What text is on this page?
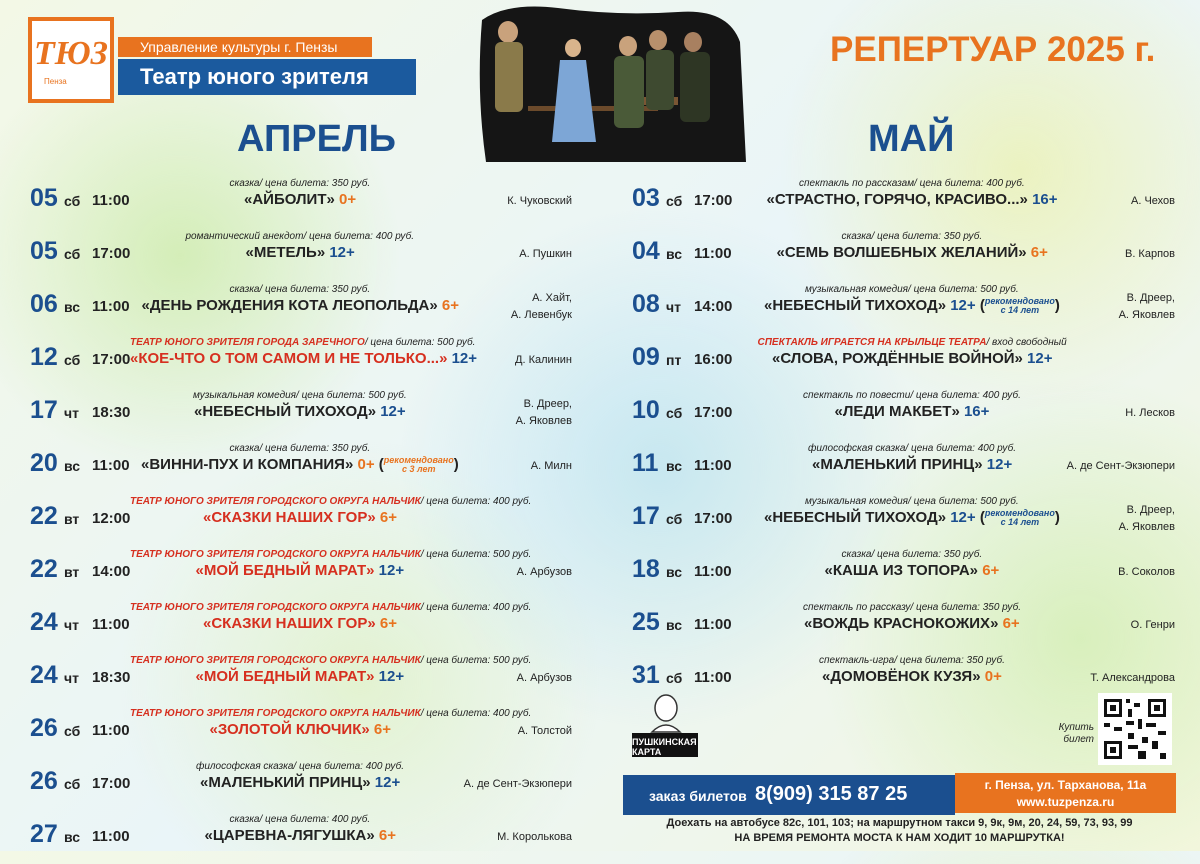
ТЮЗ
Пенза
Управление культуры г. Пензы
Театр юного зрителя
РЕПЕРТУАР 2025 г.
АПРЕЛЬ	МАЙ
05 сб 11:00
сказка/ цена билета: 350 руб.
«АЙБОЛИТ» 0+	К. Чуковский
05 сб 17:00
романтический анекдот/ цена билета: 400 руб.
«МЕТЕЛЬ» 12+	А. Пушкин
06 вс 11:00
сказка/ цена билета: 350 руб.
«ДЕНЬ РОЖДЕНИЯ КОТА ЛЕОПОЛЬДА» 6+	А. Хайт,
А. Левенбук
12 сб 17:00
ТЕАТР ЮНОГО ЗРИТЕЛЯ ГОРОДА ЗАРЕЧНОГО/ цена билета: 500 руб.
«КОЕ-ЧТО О ТОМ САМОМ И НЕ ТОЛЬКО...» 12+	Д. Калинин
17 чт 18:30
музыкальная комедия/ цена билета: 500 руб.
«НЕБЕСНЫЙ ТИХОХОД» 12+	В. Дреер,
А. Яковлев
20 вс 11:00
сказка/ цена билета: 350 руб.
«ВИННИ-ПУХ И КОМПАНИЯ» 0+ (рекомендовано
с 3 лет )	А. Милн
22 вт 12:00
ТЕАТР ЮНОГО ЗРИТЕЛЯ ГОРОДСКОГО ОКРУГА НАЛЬЧИК/ цена билета: 400 руб.
«СКАЗКИ НАШИХ ГОР» 6+
22 вт 14:00
ТЕАТР ЮНОГО ЗРИТЕЛЯ ГОРОДСКОГО ОКРУГА НАЛЬЧИК/ цена билета: 500 руб.
«МОЙ БЕДНЫЙ МАРАТ» 12+	А. Арбузов
24 чт 11:00
ТЕАТР ЮНОГО ЗРИТЕЛЯ ГОРОДСКОГО ОКРУГА НАЛЬЧИК/ цена билета: 400 руб.
«СКАЗКИ НАШИХ ГОР» 6+
24 чт 18:30
ТЕАТР ЮНОГО ЗРИТЕЛЯ ГОРОДСКОГО ОКРУГА НАЛЬЧИК/ цена билета: 500 руб.
«МОЙ БЕДНЫЙ МАРАТ» 12+	А. Арбузов
26 сб 11:00
ТЕАТР ЮНОГО ЗРИТЕЛЯ ГОРОДСКОГО ОКРУГА НАЛЬЧИК/ цена билета: 400 руб.
«ЗОЛОТОЙ КЛЮЧИК» 6+	А. Толстой
26 сб 17:00
философская сказка/ цена билета: 400 руб.
«МАЛЕНЬКИЙ ПРИНЦ» 12+	А. де Сент-Экзюпери
27 вс 11:00
сказка/ цена билета: 400 руб.
«ЦАРЕВНА-ЛЯГУШКА» 6+	М. Королькова
03 сб 17:00
спектакль по рассказам/ цена билета: 400 руб.
«СТРАСТНО, ГОРЯЧО, КРАСИВО...» 16+	А. Чехов
04 вс 11:00
сказка/ цена билета: 350 руб.
«СЕМЬ ВОЛШЕБНЫХ ЖЕЛАНИЙ» 6+	В. Карпов
08 чт 14:00
музыкальная комедия/ цена билета: 500 руб.
«НЕБЕСНЫЙ ТИХОХОД» 12+ (рекомендовано
с 14 лет )	В. Дреер,
А. Яковлев
09 пт 16:00
СПЕКТАКЛЬ ИГРАЕТСЯ НА КРЫЛЬЦЕ ТЕАТРА/ вход свободный
«СЛОВА, РОЖДЁННЫЕ ВОЙНОЙ» 12+
10 сб 17:00
спектакль по повести/ цена билета: 400 руб.
«ЛЕДИ МАКБЕТ» 16+	Н. Лесков
11 вс 11:00
философская сказка/ цена билета: 400 руб.
«МАЛЕНЬКИЙ ПРИНЦ» 12+	А. де Сент-Экзюпери
17 сб 17:00
музыкальная комедия/ цена билета: 500 руб.
«НЕБЕСНЫЙ ТИХОХОД» 12+ (рекомендовано
с 14 лет )	В. Дреер,
А. Яковлев
18 вс 11:00
сказка/ цена билета: 350 руб.
«КАША ИЗ ТОПОРА» 6+	В. Соколов
25 вс 11:00
спектакль по рассказу/ цена билета: 350 руб.
«ВОЖДЬ КРАСНОКОЖИХ» 6+	О. Генри
31 сб 11:00
спектакль-игра/ цена билета: 350 руб.
«ДОМОВЁНОК КУЗЯ» 0+	Т. Александрова
ПУШКИНСКАЯ КАРТА
Купить билет
заказ билетов 8(909) 315 87 25	г. Пенза, ул. Тарханова, 11а
www.tuzpenza.ru
Доехать на автобусе 82с, 101, 103; на маршрутном такси 9, 9к, 9м, 20, 24, 59, 73, 93, 99
НА ВРЕМЯ РЕМОНТА МОСТА К НАМ ХОДИТ 10 МАРШРУТКА!
